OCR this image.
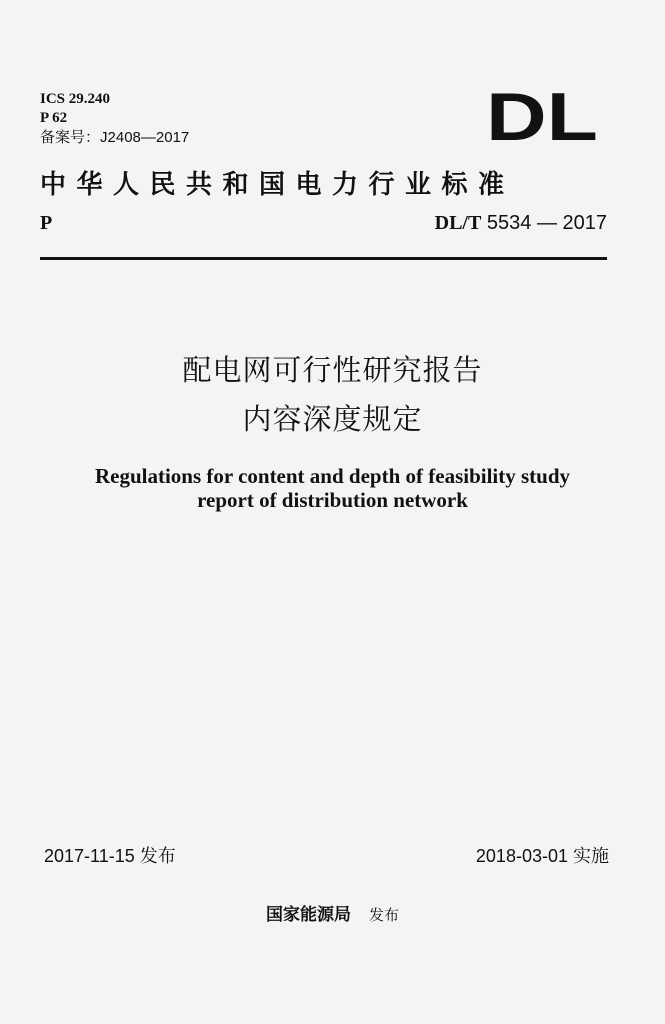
ICS 29.240
P 62
备案号：J2408—2017	DL
中华人民共和国电力行业标准
P	DL/T 5534 — 2017
配电网可行性研究报告
内容深度规定
Regulations for content and depth of feasibility study
report of distribution network
2017-11-15 发布	2018-03-01 实施
国家能源局 发布
